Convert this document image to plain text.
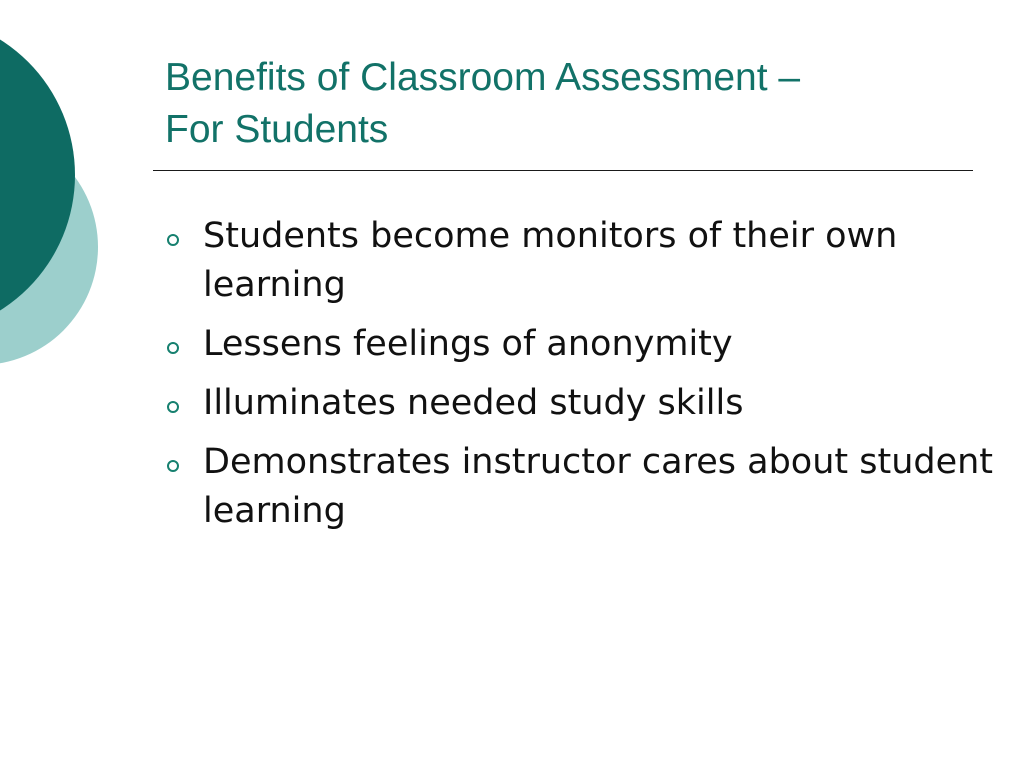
Benefits of Classroom Assessment –
For Students
Students become monitors of their own learning
Lessens feelings of anonymity
Illuminates needed study skills
Demonstrates instructor cares about student learning
